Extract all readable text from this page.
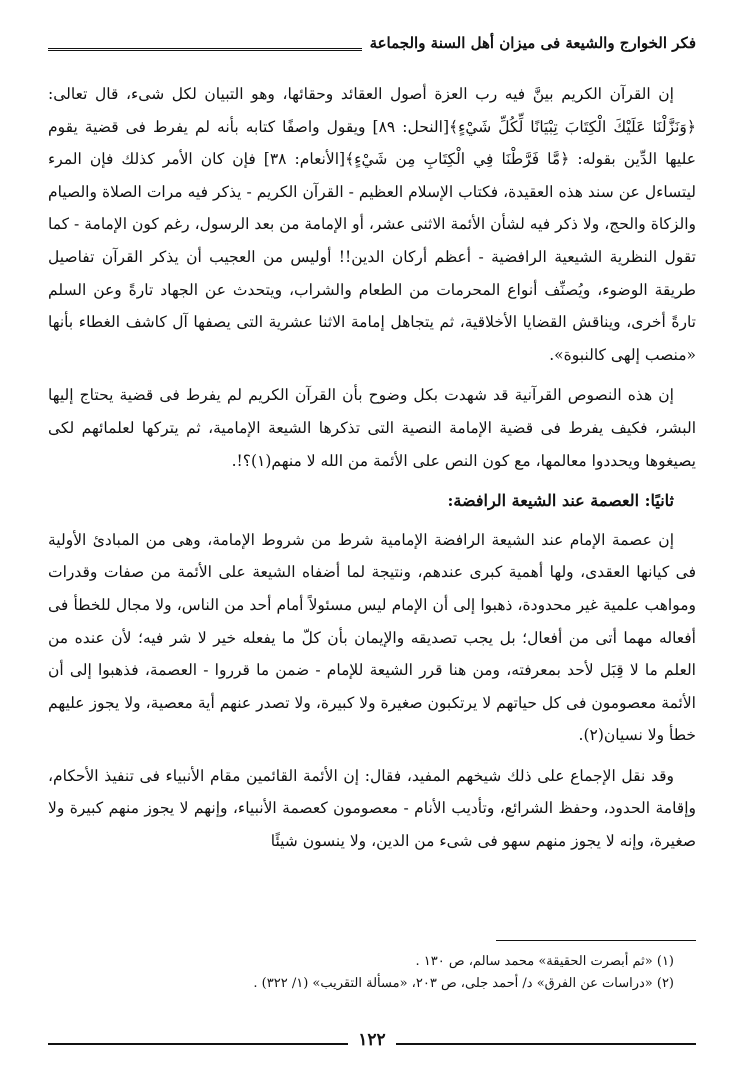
فكر الخوارج والشيعة فى ميزان أهل السنة والجماعة

إن القرآن الكريم بينَّ فيه رب العزة أصول العقائد وحقائها، وهو التبيان لكل شىء، قال تعالى: ﴿وَنَزَّلْنَا عَلَيْكَ الْكِتَابَ تِبْيَانًا لِّكُلِّ شَيْءٍ﴾[النحل: ٨٩] ويقول واصفًا كتابه بأنه لم يفرط فى قضية يقوم عليها الدِّين بقوله: ﴿مَّا فَرَّطْنَا فِي الْكِتَابِ مِن شَيْءٍ﴾[الأنعام: ٣٨] فإن كان الأمر كذلك فإن المرء ليتساءل عن سند هذه العقيدة، فكتاب الإسلام العظيم - القرآن الكريم - يذكر فيه مرات الصلاة والصيام والزكاة والحج، ولا ذكر فيه لشأن الأئمة الاثنى عشر، أو الإمامة من بعد الرسول، رغم كون الإمامة - كما تقول النظرية الشيعية الرافضية - أعظم أركان الدين!! أوليس من العجيب أن يذكر القرآن تفاصيل طريقة الوضوء، ويُصنِّف أنواع المحرمات من الطعام والشراب، ويتحدث عن الجهاد تارةً وعن السلم تارةً أخرى، ويناقش القضايا الأخلاقية، ثم يتجاهل إمامة الاثنا عشرية التى يصفها آل كاشف الغطاء بأنها «منصب إلهى كالنبوة».

إن هذه النصوص القرآنية قد شهدت بكل وضوح بأن القرآن الكريم لم يفرط فى قضية يحتاج إليها البشر، فكيف يفرط فى قضية الإمامة النصية التى تذكرها الشيعة الإمامية، ثم يتركها لعلمائهم لكى يصيغوها ويحددوا معالمها، مع كون النص على الأئمة من الله لا منهم(١)؟!.

ثانيًا: العصمة عند الشيعة الرافضة:

إن عصمة الإمام عند الشيعة الرافضة الإمامية شرط من شروط الإمامة، وهى من المبادئ الأولية فى كيانها العقدى، ولها أهمية كبرى عندهم، ونتيجة لما أضفاه الشيعة على الأئمة من صفات وقدرات ومواهب علمية غير محدودة، ذهبوا إلى أن الإمام ليس مسئولاً أمام أحد من الناس، ولا مجال للخطأ فى أفعاله مهما أتى من أفعال؛ بل يجب تصديقه والإيمان بأن كلّ ما يفعله خير لا شر فيه؛ لأن عنده من العلم ما لا قِبَل لأحد بمعرفته، ومن هنا قرر الشيعة للإمام - ضمن ما قرروا - العصمة، فذهبوا إلى أن الأئمة معصومون فى كل حياتهم لا يرتكبون صغيرة ولا كبيرة، ولا تصدر عنهم أية معصية، ولا يجوز عليهم خطأ ولا نسيان(٢).

وقد نقل الإجماع على ذلك شيخهم المفيد، فقال: إن الأئمة القائمين مقام الأنبياء فى تنفيذ الأحكام، وإقامة الحدود، وحفظ الشرائع، وتأديب الأنام - معصومون كعصمة الأنبياء، وإنهم لا يجوز منهم كبيرة ولا صغيرة، وإنه لا يجوز منهم سهو فى شىء من الدين، ولا ينسون شيئًا

(١) «ثم أبصرت الحقيقة» محمد سالم، ص ١٣٠ .

(٢) «دراسات عن الفرق» د/ أحمد جلى، ص ٢٠٣، «مسألة التقريب» (١/ ٣٢٢) .

١٢٢
